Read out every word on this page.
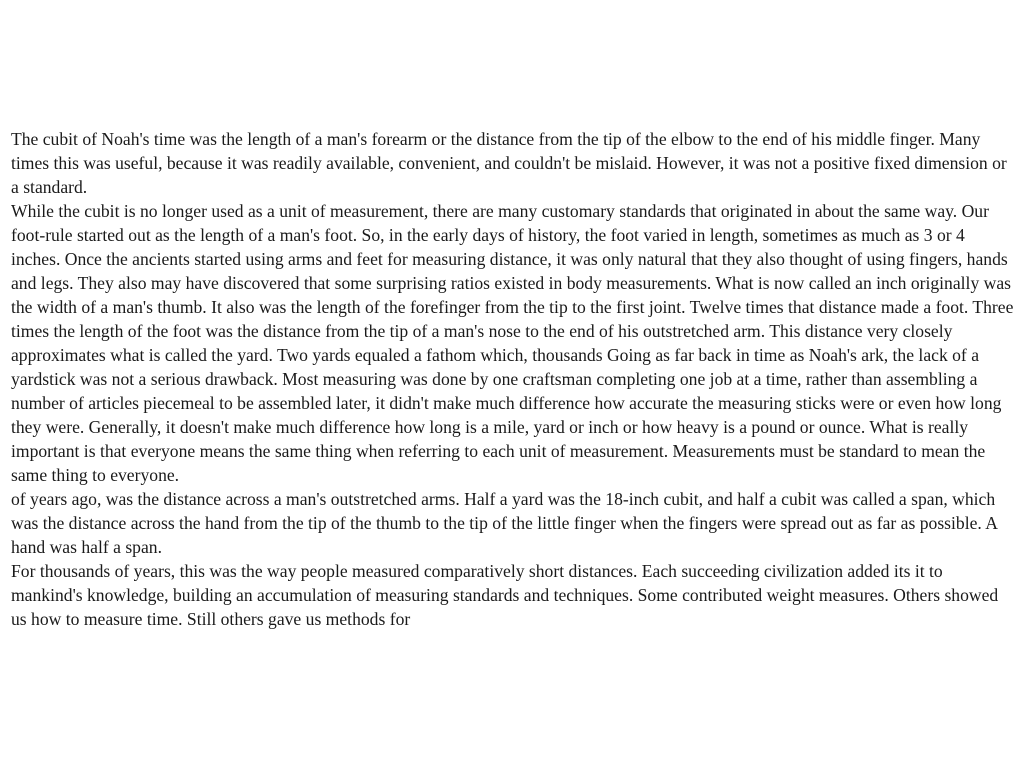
The cubit of Noah's time was the length of a man's forearm or the distance from the tip of the elbow to the end of his middle finger. Many times this was useful, because it was readily available, convenient, and couldn't be mislaid. However, it was not a positive fixed dimension or a standard.

While the cubit is no longer used as a unit of measurement, there are many customary standards that originated in about the same way. Our foot-rule started out as the length of a man's foot. So, in the early days of history, the foot varied in length, sometimes as much as 3 or 4 inches. Once the ancients started using arms and feet for measuring distance, it was only natural that they also thought of using fingers, hands and legs. They also may have discovered that some surprising ratios existed in body measurements. What is now called an inch originally was the width of a man's thumb. It also was the length of the forefinger from the tip to the first joint. Twelve times that distance made a foot. Three times the length of the foot was the distance from the tip of a man's nose to the end of his outstretched arm. This distance very closely approximates what is called the yard. Two yards equaled a fathom which, thousands Going as far back in time as Noah's ark, the lack of a yardstick was not a serious drawback. Most measuring was done by one craftsman completing one job at a time, rather than assembling a number of articles piecemeal to be assembled later, it didn't make much difference how accurate the measuring sticks were or even how long they were. Generally, it doesn't make much difference how long is a mile, yard or inch or how heavy is a pound or ounce. What is really important is that everyone means the same thing when referring to each unit of measurement. Measurements must be standard to mean the same thing to everyone.

of years ago, was the distance across a man's outstretched arms. Half a yard was the 18-inch cubit, and half a cubit was called a span, which was the distance across the hand from the tip of the thumb to the tip of the little finger when the fingers were spread out as far as possible. A hand was half a span.

For thousands of years, this was the way people measured comparatively short distances. Each succeeding civilization added its it to mankind's knowledge, building an accumulation of measuring standards and techniques. Some contributed weight measures. Others showed us how to measure time. Still others gave us methods for
